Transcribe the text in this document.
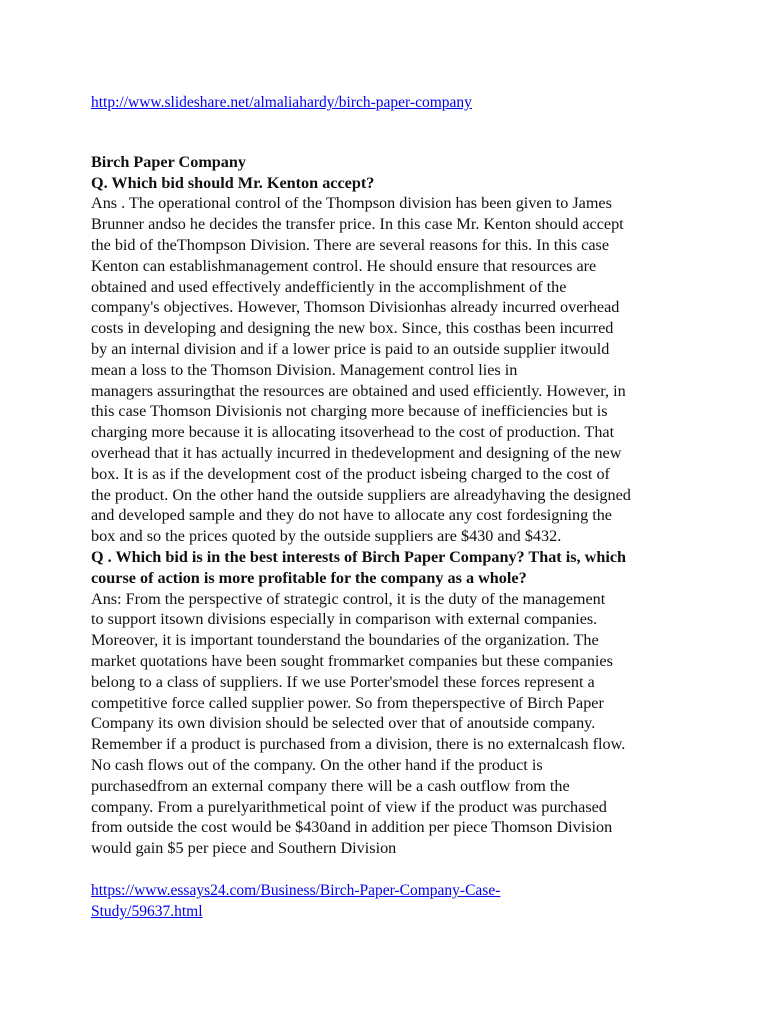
http://www.slideshare.net/almaliahardy/birch-paper-company

Birch Paper Company

Q. Which bid should Mr. Kenton accept?

Ans . The operational control of the Thompson division has been given to James
Brunner andso he decides the transfer price. In this case Mr. Kenton should accept
the bid of theThompson Division. There are several reasons for this. In this case
Kenton can establishmanagement control. He should ensure that resources are
obtained and used effectively andefficiently in the accomplishment of the
company's objectives. However, Thomson Divisionhas already incurred overhead
costs in developing and designing the new box. Since, this costhas been incurred
by an internal division and if a lower price is paid to an outside supplier itwould
mean a loss to the Thomson Division. Management control lies in
managers assuringthat the resources are obtained and used efficiently. However, in
this case Thomson Divisionis not charging more because of inefficiencies but is
charging more because it is allocating itsoverhead to the cost of production. That
overhead that it has actually incurred in thedevelopment and designing of the new
box. It is as if the development cost of the product isbeing charged to the cost of
the product. On the other hand the outside suppliers are alreadyhaving the designed
and developed sample and they do not have to allocate any cost fordesigning the
box and so the prices quoted by the outside suppliers are $430 and $432.

Q . Which bid is in the best interests of Birch Paper Company? That is, which
course of action is more profitable for the company as a whole?

Ans: From the perspective of strategic control, it is the duty of the management
to support itsown divisions especially in comparison with external companies.
Moreover, it is important tounderstand the boundaries of the organization. The
market quotations have been sought frommarket companies but these companies
belong to a class of suppliers. If we use Porter'smodel these forces represent a
competitive force called supplier power. So from theperspective of Birch Paper
Company its own division should be selected over that of anoutside company.
Remember if a product is purchased from a division, there is no externalcash flow.
No cash flows out of the company. On the other hand if the product is
purchasedfrom an external company there will be a cash outflow from the
company. From a purelyarithmetical point of view if the product was purchased
from outside the cost would be $430and in addition per piece Thomson Division
would gain $5 per piece and Southern Division

https://www.essays24.com/Business/Birch-Paper-Company-Case-
Study/59637.html
